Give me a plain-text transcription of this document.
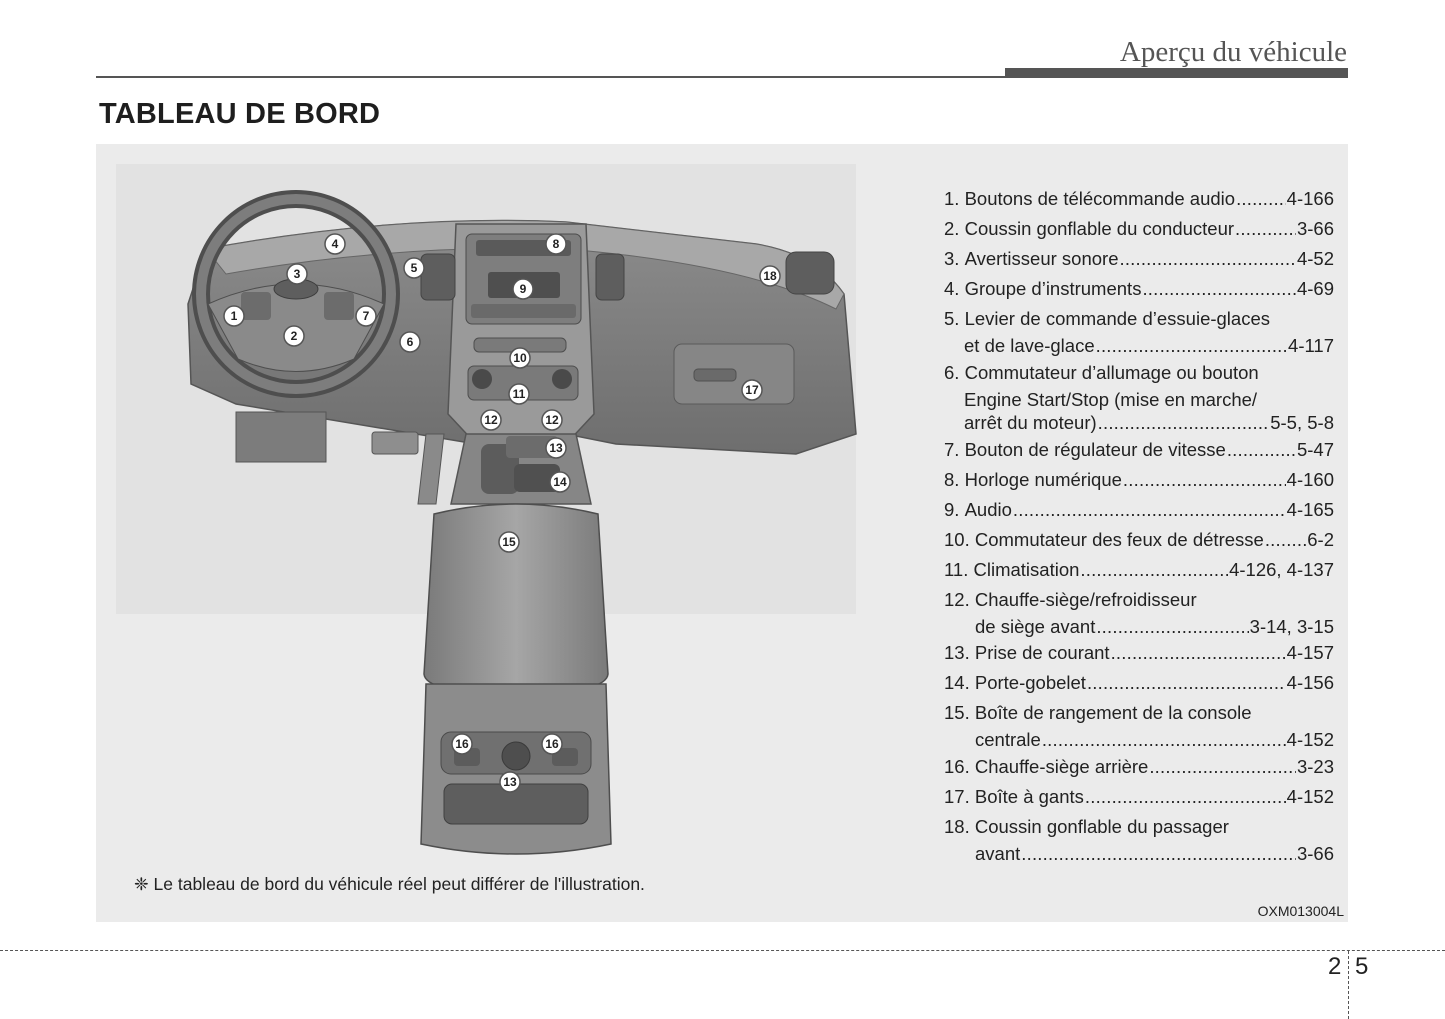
Aperçu du véhicule
TABLEAU DE BORD
1
2
3
4
5
6
7
8
9
10
11
12	12
13
14
15
16	16
13
17
18
❈ Le tableau de bord du véhicule réel peut différer de l'illustration.
OXM013004L
1.
Boutons de télécommande audio .....	4-166
2.
Coussin gonflable du conducteur .....	3-66
3.
Avertisseur sonore .....	4-52
4.
Groupe d’instruments .....	4-69
5.
Levier de commande d’essuie-glaces
et de lave-glace .....	4-117
6.
Commutateur d’allumage ou bouton
Engine Start/Stop (mise en marche/
arrêt du moteur) .....	5-5, 5-8
7.
Bouton de régulateur de vitesse .....	5-47
8.
Horloge numérique .....	4-160
9.
Audio .....	4-165
10.
Commutateur des feux de détresse ..... 6-2
11.
Climatisation .....	4-126, 4-137
12.
Chauffe-siège/refroidisseur
de siège avant .....	3-14, 3-15
13.
Prise de courant .....	4-157
14.
Porte-gobelet .....	4-156
15.
Boîte de rangement de la console
centrale .....	4-152
16.
Chauffe-siège arrière .....	3-23
17.
Boîte à gants .....	4-152
18.
Coussin gonflable du passager
avant .....	3-66
2 5
